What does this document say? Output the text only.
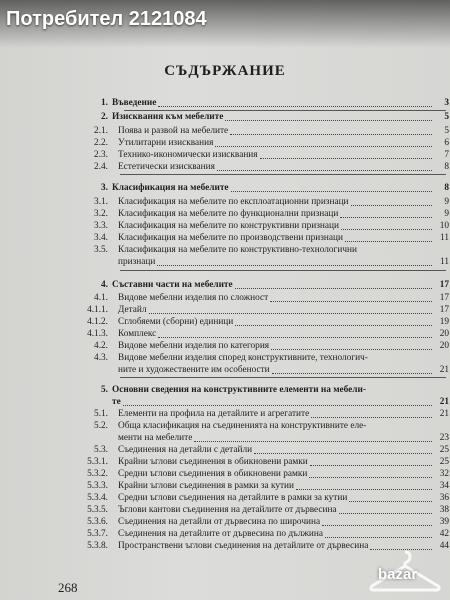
Потребител 2121084
СЪДЪРЖАНИЕ
1. Въведение	3
2. Изисквания към мебелите	5
2.1. Поява и развой на мебелите	5
2.2. Утилитарни изисквания	6
2.3. Технико-икономически изисквания	7
2.4. Естетически изисквания	8
3. Класификация на мебелите	8
3.1. Класификация на мебелите по експлоатационни признаци	9
3.2. Класификация на мебелите по функционални признаци	9
3.3. Класификация на мебелите по конструктивни признаци	10
3.4. Класификация на мебелите по производствени признаци	11
3.5. Класификация на мебелите по конструктивно-технологични
признаци	11
4. Съставни части на мебелите	17
4.1. Видове мебелни изделия по сложност	17
4.1.1. Детайл	17
4.1.2. Сглобяеми (сборни) единици	19
4.1.3. Комплекс	20
4.2. Видове мебелни изделия по категория	20
4.3. Видове мебелни изделия според конструктивните, технологич-
ните и художествените им особености	21
5. Основни сведения на конструктивните елементи на мебели-
те	21
5.1. Елементи на профила на детайлите и агрегатите	21
5.2. Обща класификация на съединенията на конструктивните еле-
менти на мебелите	23
5.3. Съединения на детайли с детайли	25
5.3.1. Крайни ъглови съединения в обикновени рамки	25
5.3.2. Средни ъглови съединения в обикновени рамки	32
5.3.3. Крайни ъглови съединения в рамки за кутии	34
5.3.4. Средни ъглови съединения на детайлите в рамки за кутии	36
5.3.5. Ъглови кантови съединения на детайлите от дървесина	38
5.3.6. Съединения на детайли от дървесина по широчина	39
5.3.7. Съединения на детайлите от дървесина по дължина	42
5.3.8. Пространствени ъглови съединения на детайлите от дървесина	44
268
bazar
